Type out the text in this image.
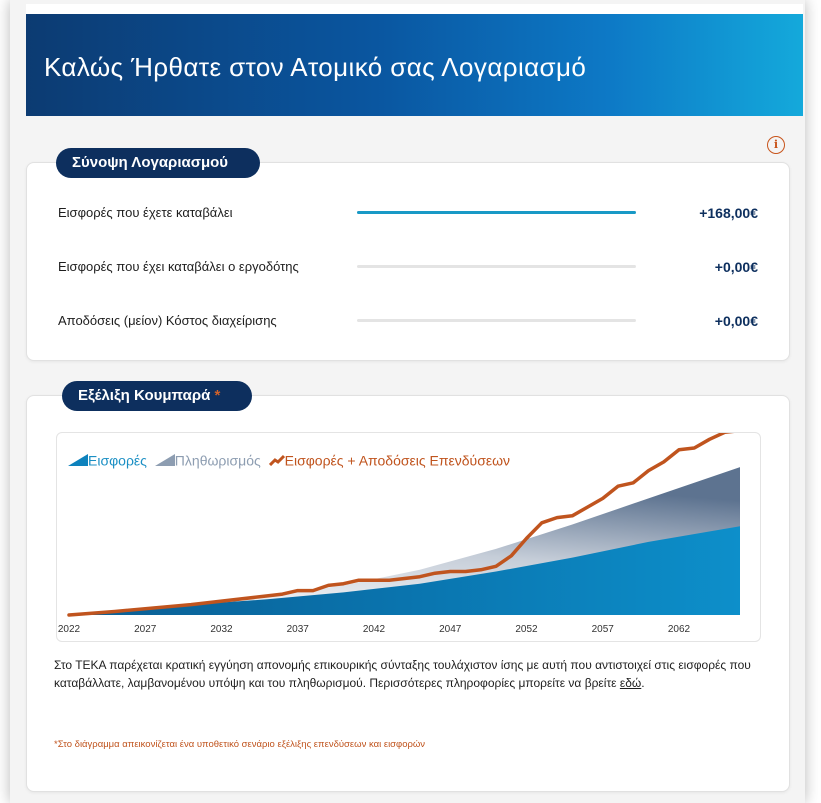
Καλώς Ήρθατε στον Ατομικό σας Λογαριασμό
i
Σύνοψη Λογαριασμού
Εισφορές που έχετε καταβάλει	+168,00€
Εισφορές που έχει καταβάλει ο εργοδότης	+0,00€
Αποδόσεις (μείον) Κόστος διαχείρισης	+0,00€
Εξέλιξη Κουμπαρά *
2022	2027	2032	2037	2042	2047	2052	2057	2062
Εισφορές Πληθωρισμός Εισφορές + Αποδόσεις Επενδύσεων
Στο ΤΕΚΑ παρέχεται κρατική εγγύηση απονομής επικουρικής σύνταξης τουλάχιστον ίσης με αυτή που αντιστοιχεί στις εισφορές που καταβάλλατε, λαμβανομένου υπόψη και του πληθωρισμού. Περισσότερες πληροφορίες μπορείτε να βρείτε εδώ.
*Στο διάγραμμα απεικονίζεται ένα υποθετικό σενάριο εξέλιξης επενδύσεων και εισφορών
